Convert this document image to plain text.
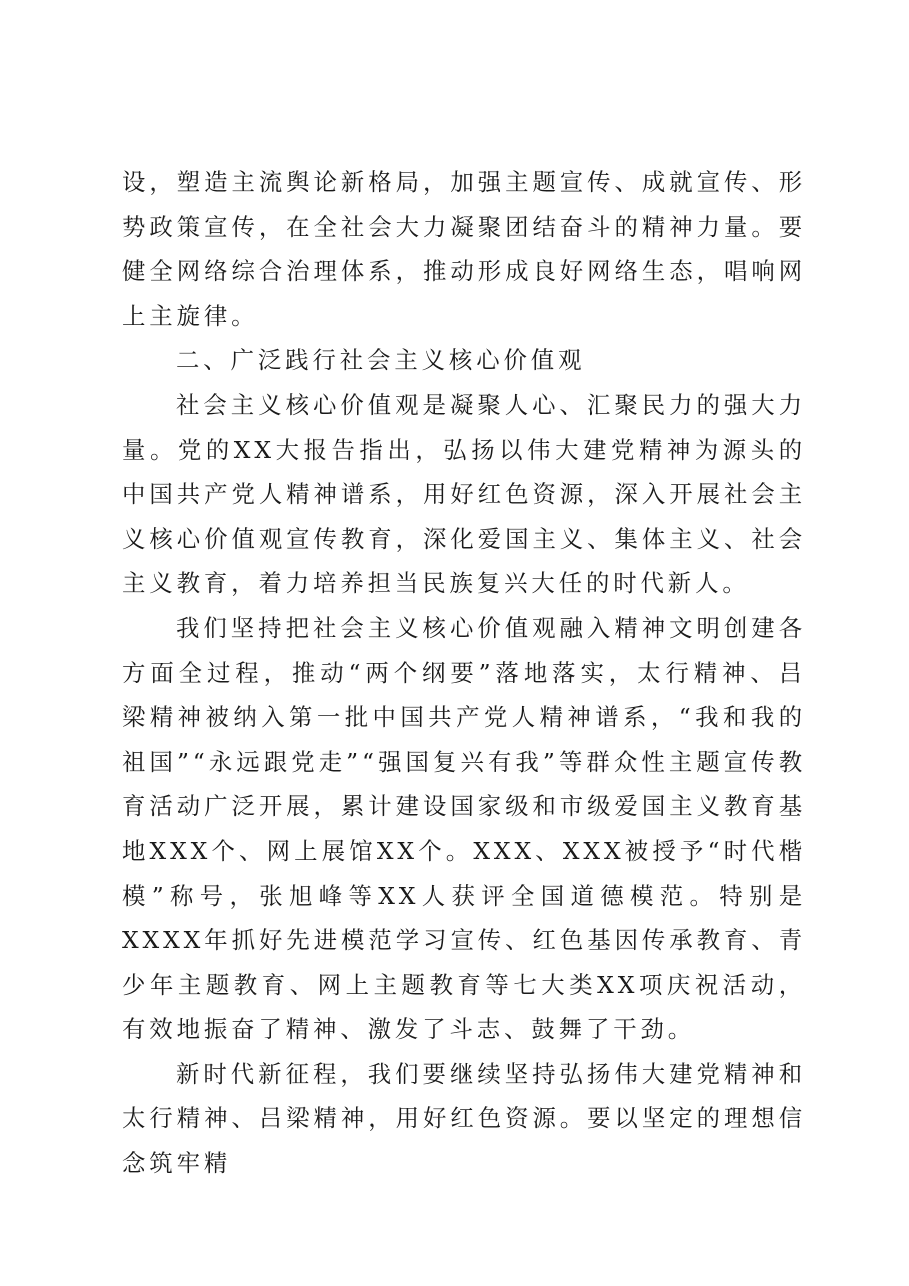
设，塑造主流舆论新格局，加强主题宣传、成就宣传、形势政策宣传，在全社会大力凝聚团结奋斗的精神力量。要健全网络综合治理体系，推动形成良好网络生态，唱响网上主旋律。

二、广泛践行社会主义核心价值观

社会主义核心价值观是凝聚人心、汇聚民力的强大力量。党的XX大报告指出，弘扬以伟大建党精神为源头的中国共产党人精神谱系，用好红色资源，深入开展社会主义核心价值观宣传教育，深化爱国主义、集体主义、社会主义教育，着力培养担当民族复兴大任的时代新人。

我们坚持把社会主义核心价值观融入精神文明创建各方面全过程，推动“两个纲要”落地落实，太行精神、吕梁精神被纳入第一批中国共产党人精神谱系，“我和我的祖国”“永远跟党走”“强国复兴有我”等群众性主题宣传教育活动广泛开展，累计建设国家级和市级爱国主义教育基地XXX个、网上展馆XX个。XXX、XXX被授予“时代楷模”称号，张旭峰等XX人获评全国道德模范。特别是XXXX年抓好先进模范学习宣传、红色基因传承教育、青少年主题教育、网上主题教育等七大类XX项庆祝活动，有效地振奋了精神、激发了斗志、鼓舞了干劲。

新时代新征程，我们要继续坚持弘扬伟大建党精神和太行精神、吕梁精神，用好红色资源。要以坚定的理想信念筑牢精
